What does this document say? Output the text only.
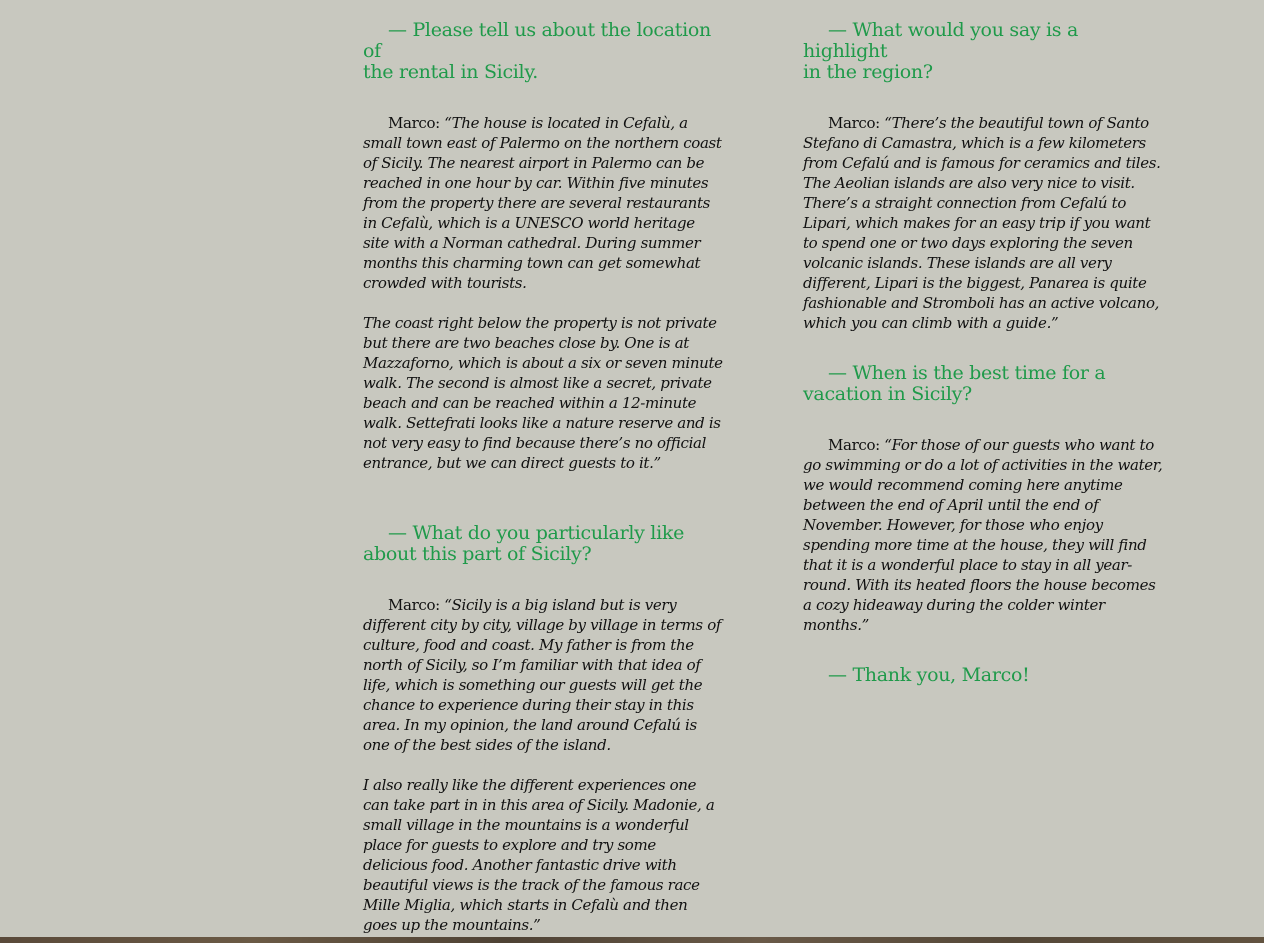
— Please tell us about the location of
the rental in Sicily.

Marco: “The house is located in Cefalù, a small town east of Palermo on the northern coast of Sicily. The nearest airport in Palermo can be reached in one hour by car. Within five minutes from the property there are several restaurants in Cefalù, which is a UNESCO world heritage site with a Norman cathedral. During summer months this charming town can get somewhat crowded with tourists.

The coast right below the property is not private but there are two beaches close by. One is at Mazzaforno, which is about a six or seven minute walk. The second is almost like a secret, private beach and can be reached within a 12-minute walk. Settefrati looks like a nature reserve and is not very easy to find because there’s no official entrance, but we can direct guests to it.”

— What do you particularly like
about this part of Sicily?

Marco: “Sicily is a big island but is very different city by city, village by village in terms of culture, food and coast. My father is from the north of Sicily, so I’m familiar with that idea of life, which is something our guests will get the chance to experience during their stay in this area. In my opinion, the land around Cefalú is one of the best sides of the island.

I also really like the different experiences one can take part in in this area of Sicily. Madonie, a small village in the mountains is a wonderful place for guests to explore and try some delicious food. Another fantastic drive with beautiful views is the track of the famous race Mille Miglia, which starts in Cefalù and then goes up the mountains.”

— What would you say is a highlight
in the region?

Marco: “There’s the beautiful town of Santo Stefano di Camastra, which is a few kilometers from Cefalú and is famous for ceramics and tiles. The Aeolian islands are also very nice to visit. There’s a straight connection from Cefalú to Lipari, which makes for an easy trip if you want to spend one or two days exploring the seven volcanic islands. These islands are all very different, Lipari is the biggest, Panarea is quite fashionable and Stromboli has an active volcano, which you can climb with a guide.”

— When is the best time for a
vacation in Sicily?

Marco: “For those of our guests who want to go swimming or do a lot of activities in the water, we would recommend coming here anytime between the end of April until the end of November. However, for those who enjoy spending more time at the house, they will find that it is a wonderful place to stay in all year-round. With its heated floors the house becomes a cozy hideaway during the colder winter months.”

— Thank you, Marco!
